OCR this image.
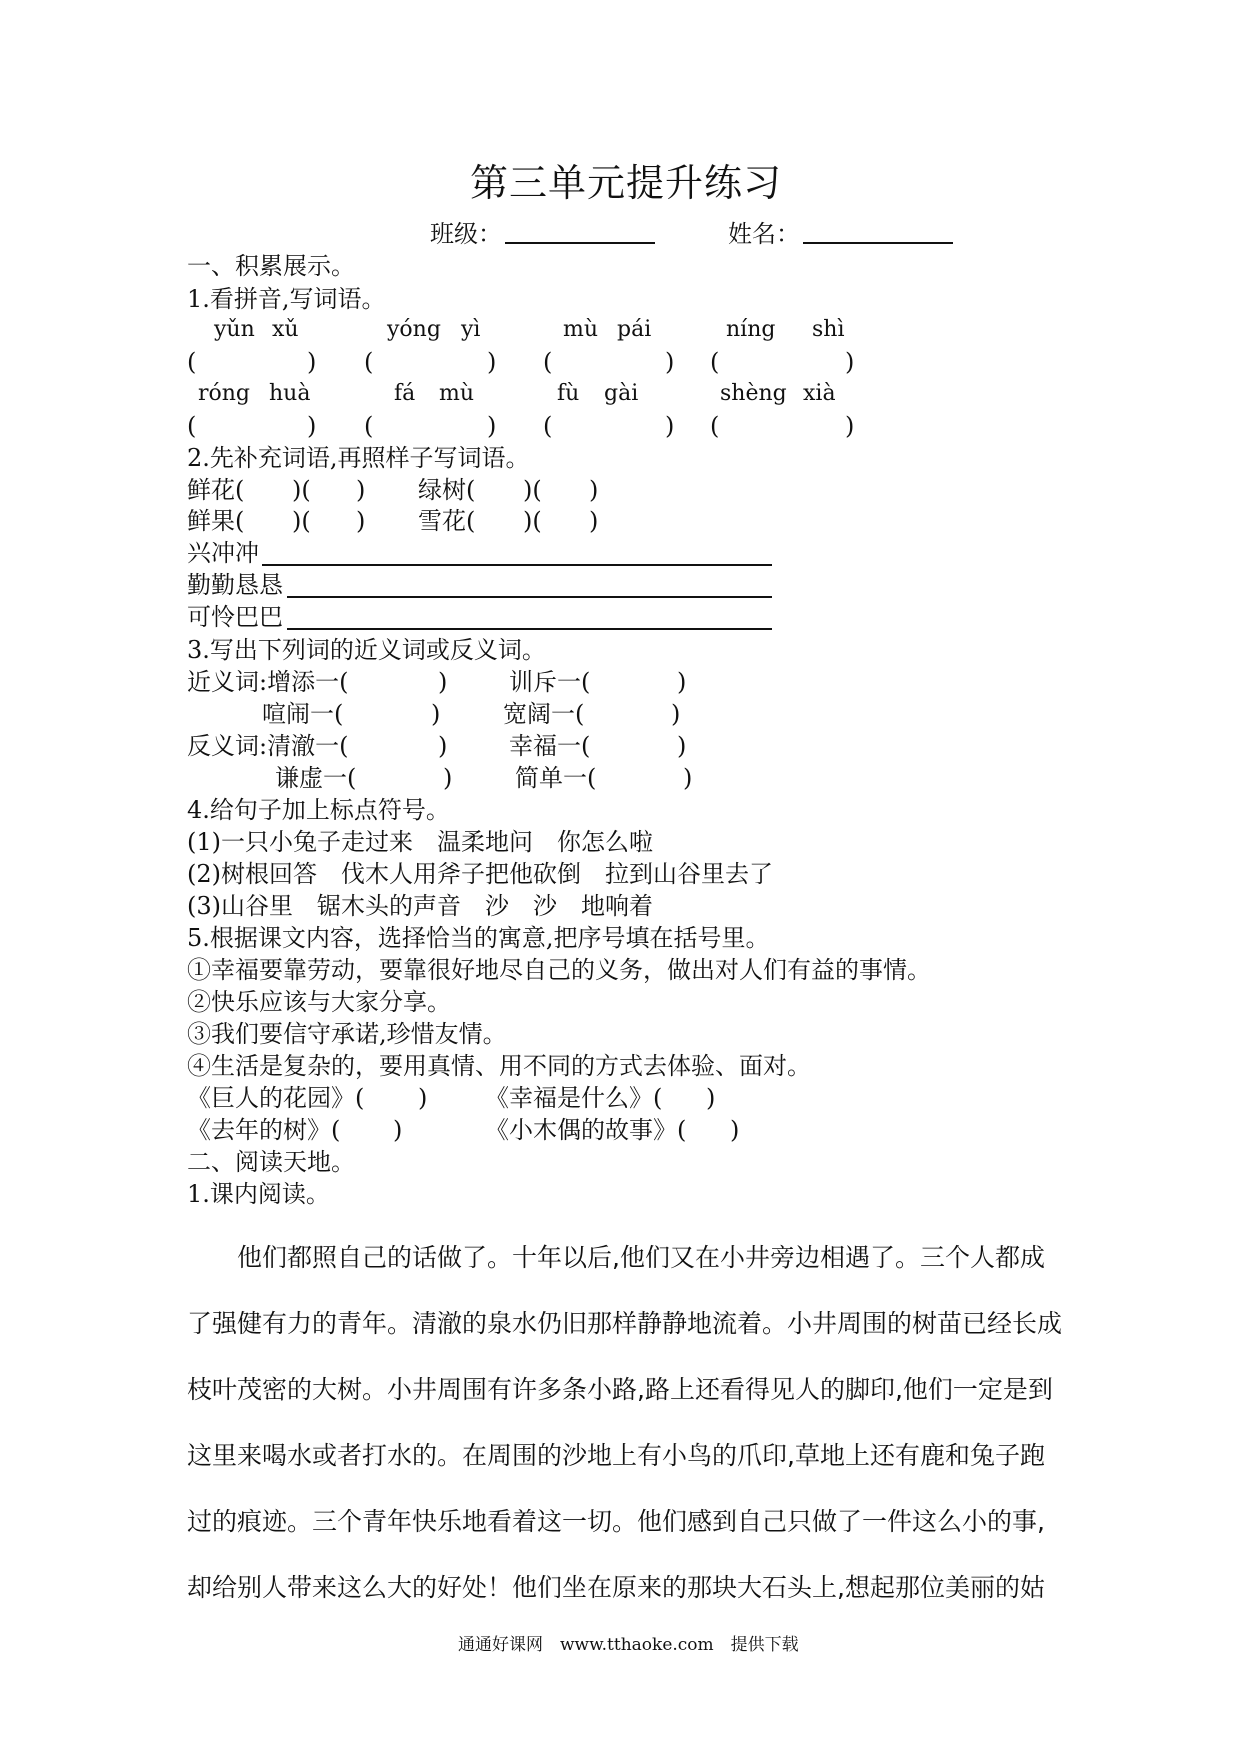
第三单元提升练习
班级：	姓名：
一、积累展示。
1.看拼音,写词语。
yǔn xǔ	yóng yì	mù pái	níng shì
(	) (	) (	) (	)
róng huà	fá mù	fù gài	shèng xià
(	) (	) (	) (	)
2.先补充词语,再照样子写词语。
鲜花( )( ) 绿树( )( )
鲜果( )( ) 雪花( )( )
兴冲冲
勤勤恳恳
可怜巴巴
3.写出下列词的近义词或反义词。
近义词:增添一(	)	训斥一(	)
喧闹一(	)	宽阔一(	)
反义词:清澈一(	)	幸福一(	)
谦虚一(	)	简单一(	)
4.给句子加上标点符号。
(1)一只小兔子走过来　温柔地问　你怎么啦
(2)树根回答　伐木人用斧子把他砍倒　拉到山谷里去了
(3)山谷里　锯木头的声音　沙　沙　地响着
5.根据课文内容，选择恰当的寓意,把序号填在括号里。
①幸福要靠劳动，要靠很好地尽自己的义务，做出对人们有益的事情。
②快乐应该与大家分享。
③我们要信守承诺,珍惜友情。
④生活是复杂的，要用真情、用不同的方式去体验、面对。
《巨人的花园》( ) 《幸福是什么》( )
《去年的树》( )	《小木偶的故事》( )
二、阅读天地。
1.课内阅读。
他们都照自己的话做了。十年以后,他们又在小井旁边相遇了。三个人都成
了强健有力的青年。清澈的泉水仍旧那样静静地流着。小井周围的树苗已经长成
枝叶茂密的大树。小井周围有许多条小路,路上还看得见人的脚印,他们一定是到
这里来喝水或者打水的。在周围的沙地上有小鸟的爪印,草地上还有鹿和兔子跑
过的痕迹。三个青年快乐地看着这一切。他们感到自己只做了一件这么小的事,
却给别人带来这么大的好处！他们坐在原来的那块大石头上,想起那位美丽的姑
通通好课网　www.tthaoke.com　提供下载
